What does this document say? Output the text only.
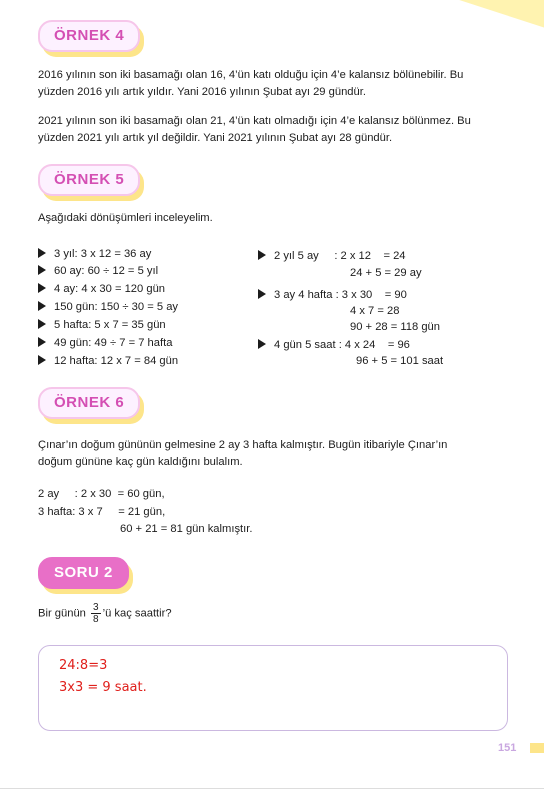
ÖRNEK 4

2016 yılının son iki basamağı olan 16, 4’ün katı olduğu için 4’e kalansız bölünebilir. Bu

yüzden 2016 yılı artık yıldır. Yani 2016 yılının Şubat ayı 29 gündür.

2021 yılının son iki basamağı olan 21, 4’ün katı olmadığı için 4’e kalansız bölünmez. Bu

yüzden 2021 yılı artık yıl değildir. Yani 2021 yılının Şubat ayı 28 gündür.

ÖRNEK 5
Aşağıdaki dönüşümleri inceleyelim.
3 yıl: 3 x 12 = 36 ay
60 ay: 60 ÷ 12 = 5 yıl
4 ay: 4 x 30 = 120 gün
150 gün: 150 ÷ 30 = 5 ay
5 hafta: 5 x 7 = 35 gün
49 gün: 49 ÷ 7 = 7 hafta
12 hafta: 12 x 7 = 84 gün
2 yıl 5 ay     : 2 x 12    = 24
24 + 5 = 29 ay
3 ay 4 hafta : 3 x 30    = 90
4 x 7 = 28
90 + 28 = 118 gün
4 gün 5 saat : 4 x 24    = 96
96 + 5 = 101 saat
ÖRNEK 6

Çınar’ın doğum gününün gelmesine 2 ay 3 hafta kalmıştır. Bugün itibariyle Çınar’ın

doğum gününe kaç gün kaldığını bulalım.

2 ay     : 2 x 30  = 60 gün,
3 hafta: 3 x 7     = 21 gün,
60 + 21 = 81 gün kalmıştır.
SORU 2
Bir günün $\frac{3}{8}$ ’ü kaç saattir?
24:8=3
3x3 = 9 saat.
151
